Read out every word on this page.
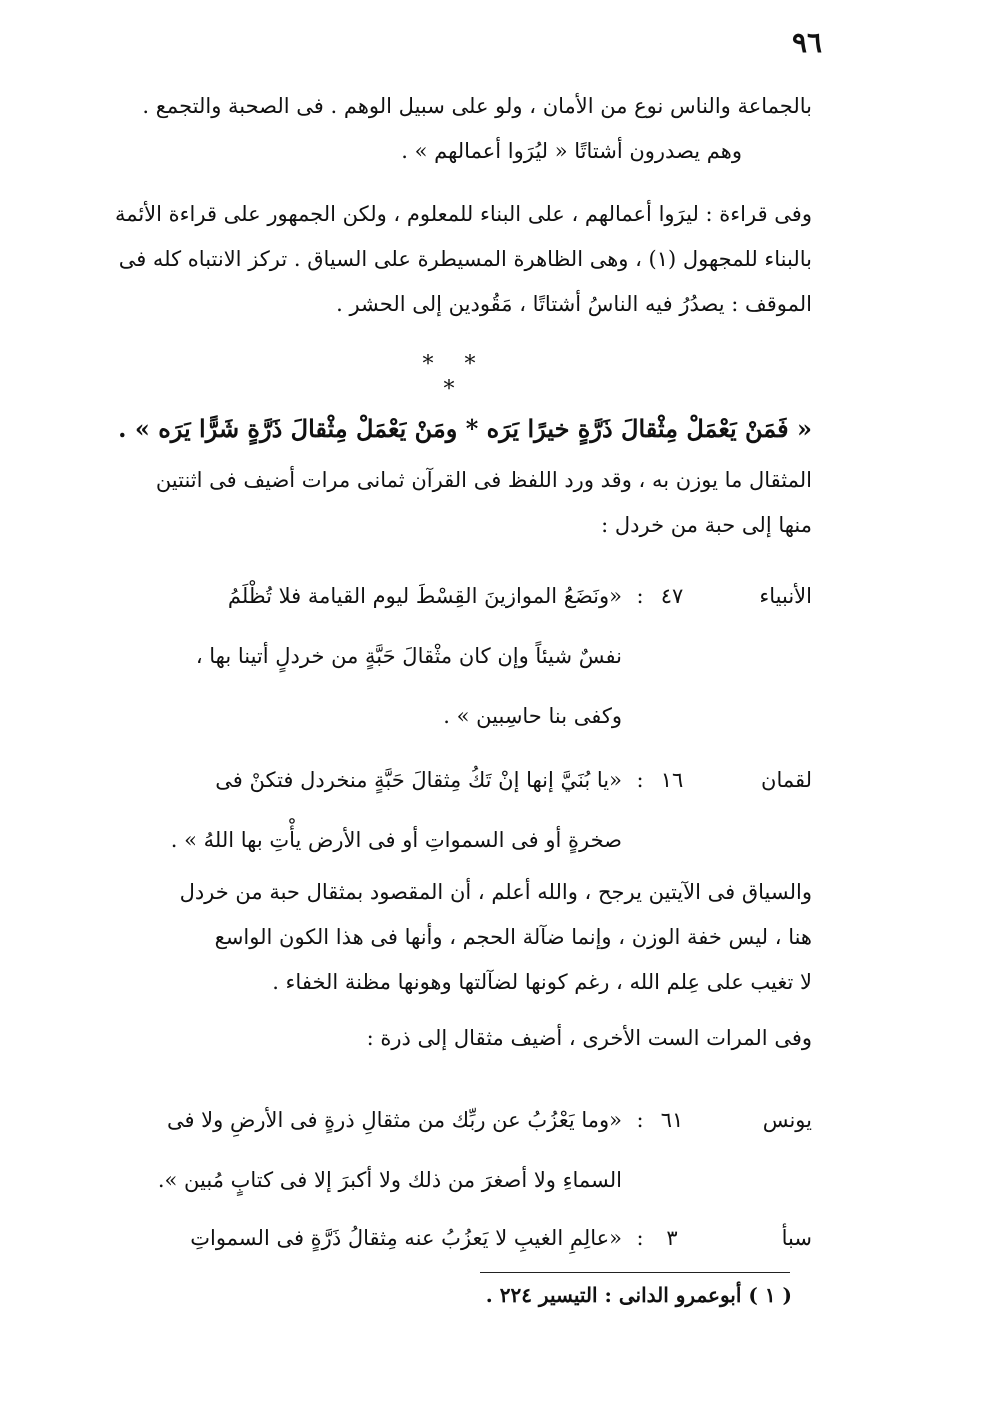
٩٦
بالجماعة والناس نوع من الأمان ، ولو على سبيل الوهم . فى الصحبة والتجمع .
وهم يصدرون أشتاتًا « ليُرَوا أعمالهم » .
وفى قراءة : ليرَوا أعمالهم ، على البناء للمعلوم ، ولكن الجمهور على قراءة الأئمة
بالبناء للمجهول (١) ، وهى الظاهرة المسيطرة على السياق . تركز الانتباه كله فى
الموقف : يصدُرُ فيه الناسُ أشتاتًا ، مَقُودين إلى الحشر .
* * *
« فَمَنْ يَعْمَلْ مِثْقالَ ذَرَّةٍ خيرًا يَرَه * ومَنْ يَعْمَلْ مِثْقالَ ذَرَّةٍ شَرًّا يَرَه » .
المثقال ما يوزن به ، وقد ورد اللفظ فى القرآن ثمانى مرات أضيف فى اثنتين
منها إلى حبة من خردل :
الأنبياء
٤٧
:
«ونَضَعُ الموازينَ القِسْطَ ليوم القيامة فلا تُظْلَمُ
نفسٌ شيئاً وإن كان مثْقالَ حَبَّةٍ من خردلٍ أتينا بها ،
وكفى بنا حاسِبين » .
لقمان
١٦
:
«يا بُنَيَّ إنها إنْ تَكُ مِثقالَ حَبَّةٍ منخردل فتكنْ فى
صخرةٍ أو فى السمواتِ أو فى الأرض يأْتِ بها اللهُ » .
والسياق فى الآيتين يرجح ، والله أعلم ، أن المقصود بمثقال حبة من خردل
هنا ، ليس خفة الوزن ، وإنما ضآلة الحجم ، وأنها فى هذا الكون الواسع
لا تغيب على عِلم الله ، رغم كونها لضآلتها وهونها مظنة الخفاء .
وفى المرات الست الأخرى ، أضيف مثقال إلى ذرة :
يونس
٦١
:
«وما يَعْزُبُ عن ربِّك من مثقالِ ذرةٍ فى الأرضِ ولا فى
السماءِ ولا أصغرَ من ذلك ولا أكبرَ إلا فى كتابٍ مُبين ».
سبأ
٣
:
«عالِمِ الغيبِ لا يَعزُبُ عنه مِثقالُ ذَرَّةٍ فى السمواتِ
( ١ ) أبوعمرو الدانى : التيسير ٢٢٤ .
